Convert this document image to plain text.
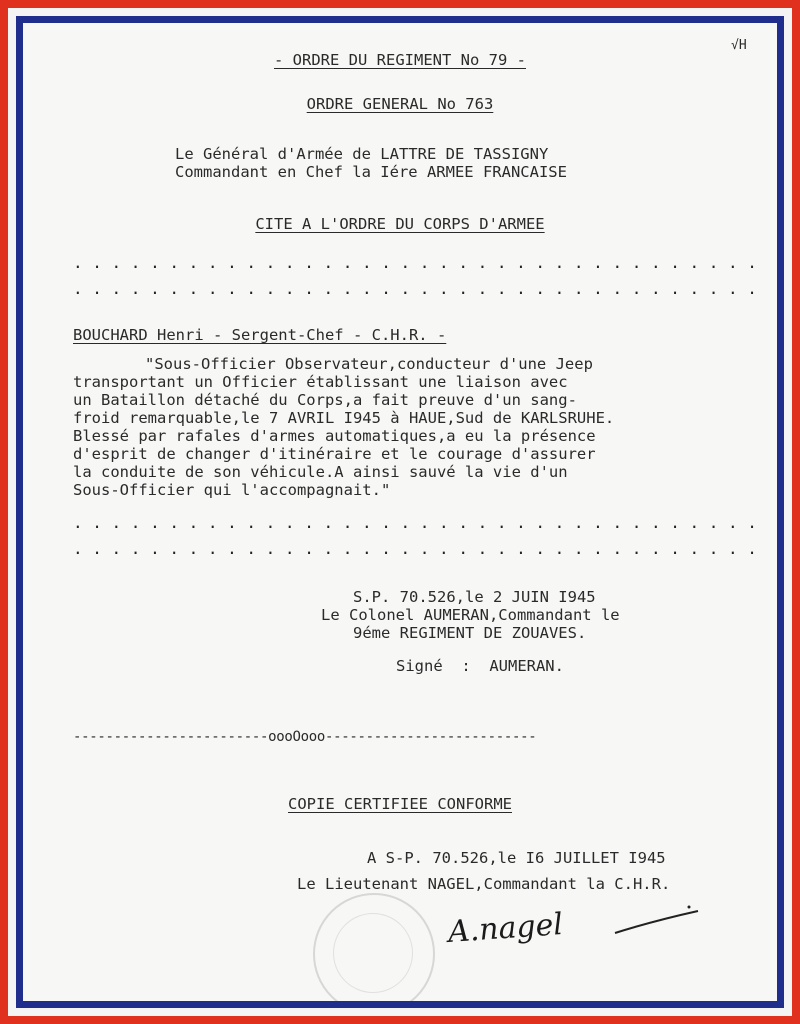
√H
- ORDRE DU REGIMENT No 79 -
ORDRE GENERAL No 763
Le Général d'Armée de LATTRE DE TASSIGNY
Commandant en Chef la Iére ARMEE FRANCAISE
CITE A L'ORDRE DU CORPS D'ARMEE
. . . . . . . . . . . . . . . . . . . . . . . . . . . . . . . . . . . .
. . . . . . . . . . . . . . . . . . . . . . . . . . . . . . . . . . . .
BOUCHARD Henri - Sergent-Chef - C.H.R. -
"Sous-Officier Observateur,conducteur d'une Jeep
transportant un Officier établissant une liaison avec
un Bataillon détaché du Corps,a fait preuve d'un sang-
froid remarquable,le 7 AVRIL I945 à HAUE,Sud de KARLSRUHE.
Blessé par rafales d'armes automatiques,a eu la présence
d'esprit de changer d'itinéraire et le courage d'assurer
la conduite de son véhicule.A ainsi sauvé la vie d'un
Sous-Officier qui l'accompagnait."
. . . . . . . . . . . . . . . . . . . . . . . . . . . . . . . . . . . .
. . . . . . . . . . . . . . . . . . . . . . . . . . . . . . . . . . . .
S.P. 70.526,le 2 JUIN I945
Le Colonel AUMERAN,Commandant le
9éme REGIMENT DE ZOUAVES.
Signé  :  AUMERAN.
------------------------oooOooo--------------------------
COPIE CERTIFIEE CONFORME
A S-P. 70.526,le I6 JUILLET I945
Le Lieutenant NAGEL,Commandant la C.H.R.
A.nagel
